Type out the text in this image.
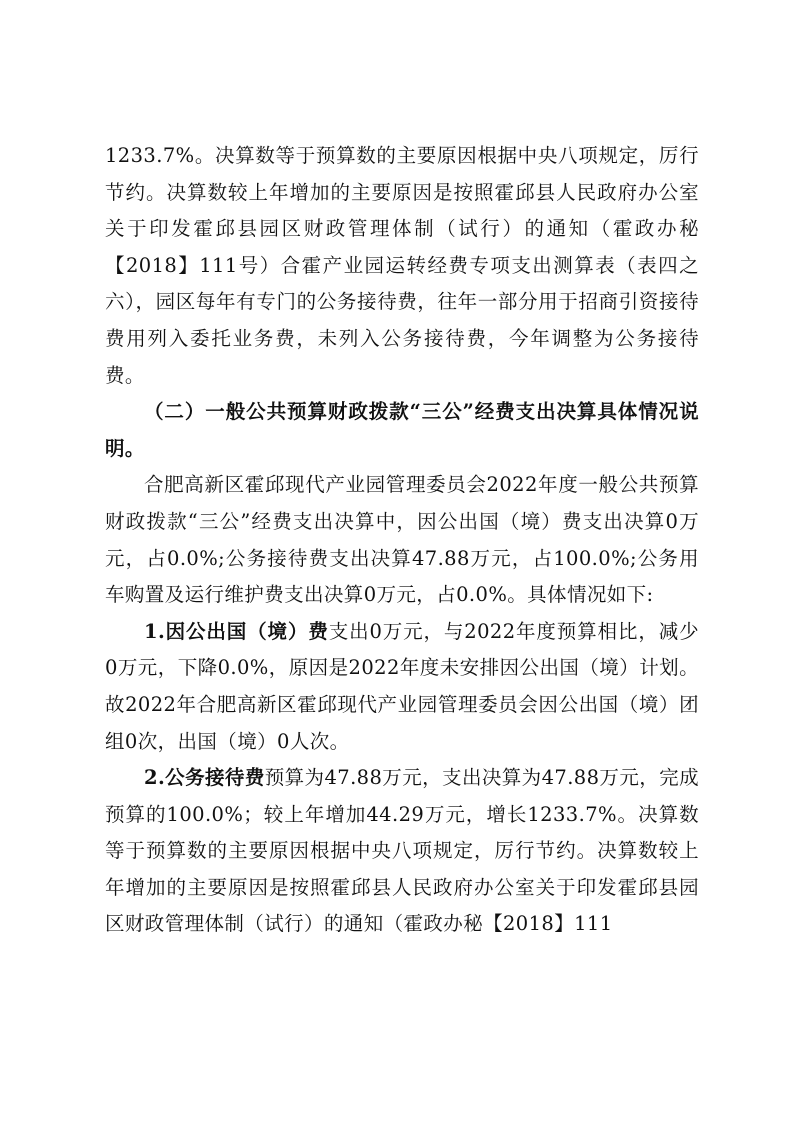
1233.7%。决算数等于预算数的主要原因根据中央八项规定，厉行节约。决算数较上年增加的主要原因是按照霍邱县人民政府办公室关于印发霍邱县园区财政管理体制（试行）的通知（霍政办秘【2018】111号）合霍产业园运转经费专项支出测算表（表四之六），园区每年有专门的公务接待费，往年一部分用于招商引资接待费用列入委托业务费，未列入公务接待费，今年调整为公务接待费。

（二）一般公共预算财政拨款“三公”经费支出决算具体情况说明。

合肥高新区霍邱现代产业园管理委员会2022年度一般公共预算财政拨款“三公”经费支出决算中，因公出国（境）费支出决算0万元，占0.0%;公务接待费支出决算47.88万元，占100.0%;公务用车购置及运行维护费支出决算0万元，占0.0%。具体情况如下:

1.因公出国（境）费支出0万元，与2022年度预算相比，减少0万元，下降0.0%，原因是2022年度未安排因公出国（境）计划。故2022年合肥高新区霍邱现代产业园管理委员会因公出国（境）团组0次，出国（境）0人次。

2.公务接待费预算为47.88万元，支出决算为47.88万元，完成预算的100.0%；较上年增加44.29万元，增长1233.7%。决算数等于预算数的主要原因根据中央八项规定，厉行节约。决算数较上年增加的主要原因是按照霍邱县人民政府办公室关于印发霍邱县园区财政管理体制（试行）的通知（霍政办秘【2018】111
